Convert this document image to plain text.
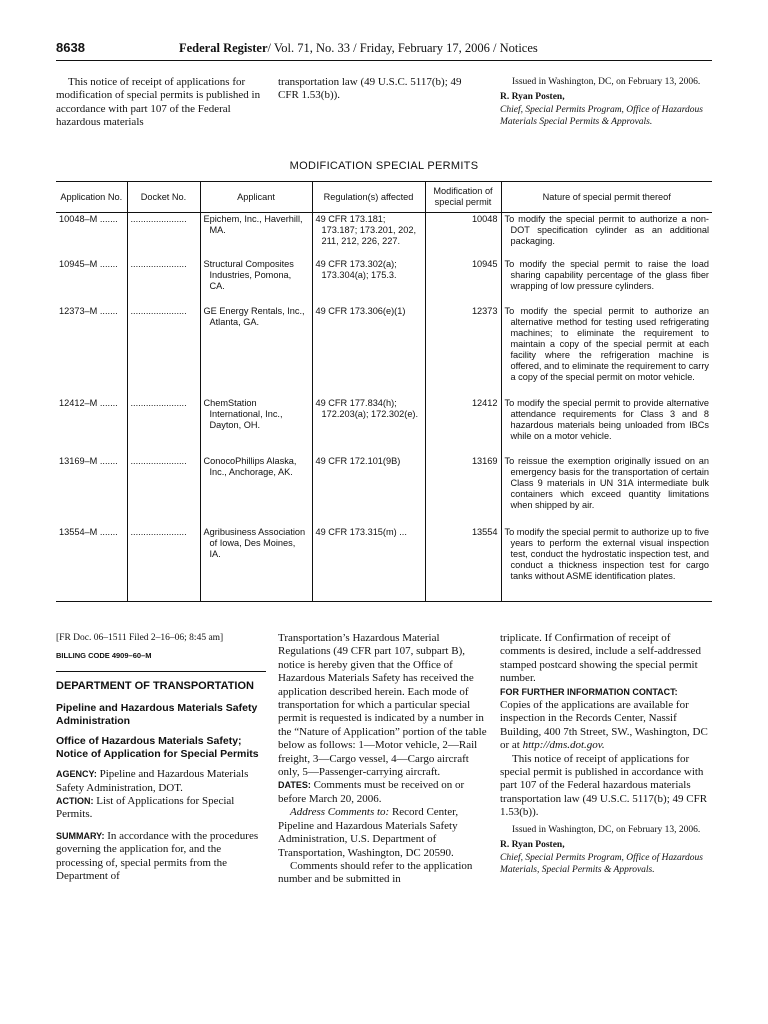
8638	Federal Register/ Vol. 71, No. 33 / Friday, February 17, 2006 / Notices

This notice of receipt of applications for modification of special permits is published in accordance with part 107 of the Federal hazardous materials

transportation law (49 U.S.C. 5117(b); 49 CFR 1.53(b)).

Issued in Washington, DC, on February 13, 2006.

R. Ryan Posten,

Chief, Special Permits Program, Office of Hazardous Materials Special Permits & Approvals.

MODIFICATION SPECIAL PERMITS
Application No.	Docket No.	Applicant	Regulation(s) affected	Modification of special permit	Nature of special permit thereof
10048–M .......	......................	Epichem, Inc., Haverhill, MA.	49 CFR 173.181; 173.187; 173.201, 202, 211, 212, 226, 227.	10048	To modify the special permit to authorize a non-DOT specification cylinder as an additional packaging.
10945–M .......	......................	Structural Composites Industries, Pomona, CA.	49 CFR 173.302(a); 173.304(a); 175.3.	10945	To modify the special permit to raise the load sharing capability percentage of the glass fiber wrapping of low pressure cylinders.
12373–M .......	......................	GE Energy Rentals, Inc., Atlanta, GA.	49 CFR 173.306(e)(1)	12373	To modify the special permit to authorize an alternative method for testing used refrigerating machines; to eliminate the requirement to maintain a copy of the special permit at each facility where the refrigeration machine is offered, and to eliminate the requirement to carry a copy of the special permit on motor vehicle.
12412–M .......	......................	ChemStation International, Inc., Dayton, OH.	49 CFR 177.834(h); 172.203(a); 172.302(e).	12412	To modify the special permit to provide alternative attendance requirements for Class 3 and 8 hazardous materials being unloaded from IBCs while on a motor vehicle.
13169–M .......	......................	ConocoPhillips Alaska, Inc., Anchorage, AK.	49 CFR 172.101(9B)	13169	To reissue the exemption originally issued on an emergency basis for the transportation of certain Class 9 materials in UN 31A intermediate bulk containers which exceed quantity limitations when shipped by air.
13554–M .......	......................	Agribusiness Association of Iowa, Des Moines, IA.	49 CFR 173.315(m) ...	13554	To modify the special permit to authorize up to five years to perform the external visual inspection test, conduct the hydrostatic inspection test, and conduct a thickness inspection test for cargo tanks without ASME identification plates.

[FR Doc. 06–1511 Filed 2–16–06; 8:45 am]

BILLING CODE 4909–60–M

DEPARTMENT OF TRANSPORTATION

Pipeline and Hazardous Materials Safety Administration

Office of Hazardous Materials Safety; Notice of Application for Special Permits

AGENCY: Pipeline and Hazardous Materials Safety Administration, DOT.

ACTION: List of Applications for Special Permits.

SUMMARY: In accordance with the procedures governing the application for, and the processing of, special permits from the Department of

Transportation’s Hazardous Material Regulations (49 CFR part 107, subpart B), notice is hereby given that the Office of Hazardous Materials Safety has received the application described herein. Each mode of transportation for which a particular special permit is requested is indicated by a number in the “Nature of Application” portion of the table below as follows: 1—Motor vehicle, 2—Rail freight, 3—Cargo vessel, 4—Cargo aircraft only, 5—Passenger-carrying aircraft.

DATES: Comments must be received on or before March 20, 2006.

Address Comments to: Record Center, Pipeline and Hazardous Materials Safety Administration, U.S. Department of Transportation, Washington, DC 20590.

Comments should refer to the application number and be submitted in

triplicate. If Confirmation of receipt of comments is desired, include a self-addressed stamped postcard showing the special permit number.

FOR FURTHER INFORMATION CONTACT:
Copies of the applications are available for inspection in the Records Center, Nassif Building, 400 7th Street, SW., Washington, DC or at http://dms.dot.gov.

This notice of receipt of applications for special permit is published in accordance with part 107 of the Federal hazardous materials transportation law (49 U.S.C. 5117(b); 49 CFR 1.53(b)).

Issued in Washington, DC, on February 13, 2006.

R. Ryan Posten,

Chief, Special Permits Program, Office of Hazardous Materials, Special Permits & Approvals.
